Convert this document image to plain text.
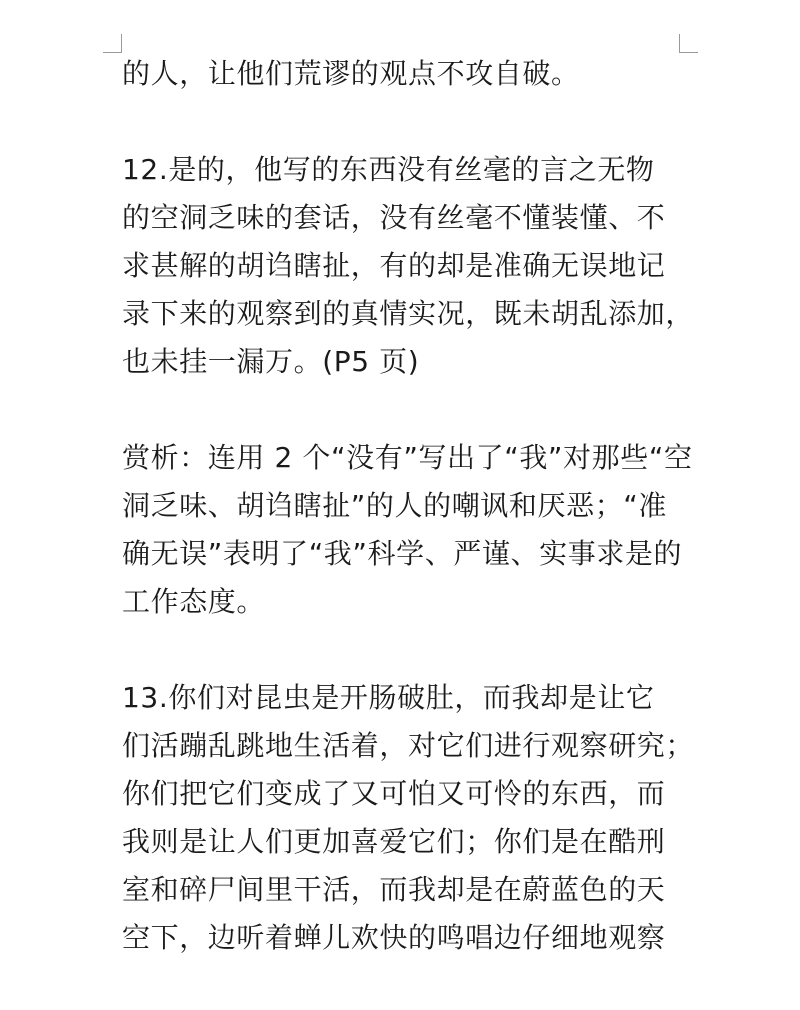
的人，让他们荒谬的观点不攻自破。
12.是的，他写的东西没有丝毫的言之无物
的空洞乏味的套话，没有丝毫不懂装懂、不
求甚解的胡诌瞎扯，有的却是准确无误地记
录下来的观察到的真情实况，既未胡乱添加，
也未挂一漏万。(P5 页)
赏析：连用 2 个“没有”写出了“我”对那些“空
洞乏味、胡诌瞎扯”的人的嘲讽和厌恶；“准
确无误”表明了“我”科学、严谨、实事求是的
工作态度。
13.你们对昆虫是开肠破肚，而我却是让它
们活蹦乱跳地生活着，对它们进行观察研究；
你们把它们变成了又可怕又可怜的东西，而
我则是让人们更加喜爱它们；你们是在酷刑
室和碎尸间里干活，而我却是在蔚蓝色的天
空下，边听着蝉儿欢快的鸣唱边仔细地观察
